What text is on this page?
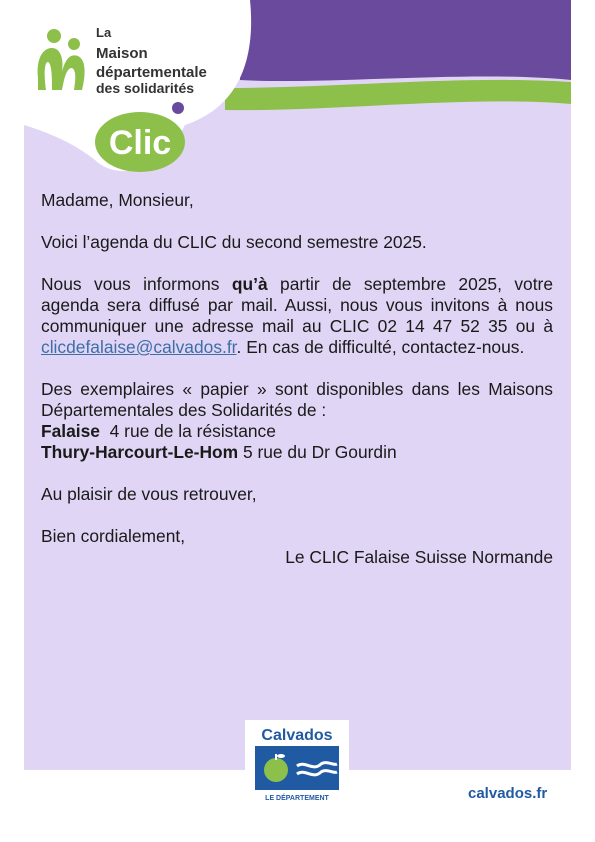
Clic
La
Maison
départementale
des solidarités

Madame, Monsieur,

Voici l’agenda du CLIC du second semestre 2025.

Nous vous informons qu’à partir de septembre 2025, votre agenda sera diffusé par mail. Aussi, nous vous invitons à nous communiquer une adresse mail au CLIC 02 14 47 52 35 ou à clicdefalaise@calvados.fr. En cas de difficulté, contactez-nous.

Des exemplaires « papier » sont disponibles dans les Maisons Départementales des Solidarités de :

Falaise  4 rue de la résistance

Thury-Harcourt-Le-Hom 5 rue du Dr Gourdin

Au plaisir de vous retrouver,

Bien cordialement,

Le CLIC Falaise Suisse Normande

Calvados
LE DÉPARTEMENT	calvados.fr
